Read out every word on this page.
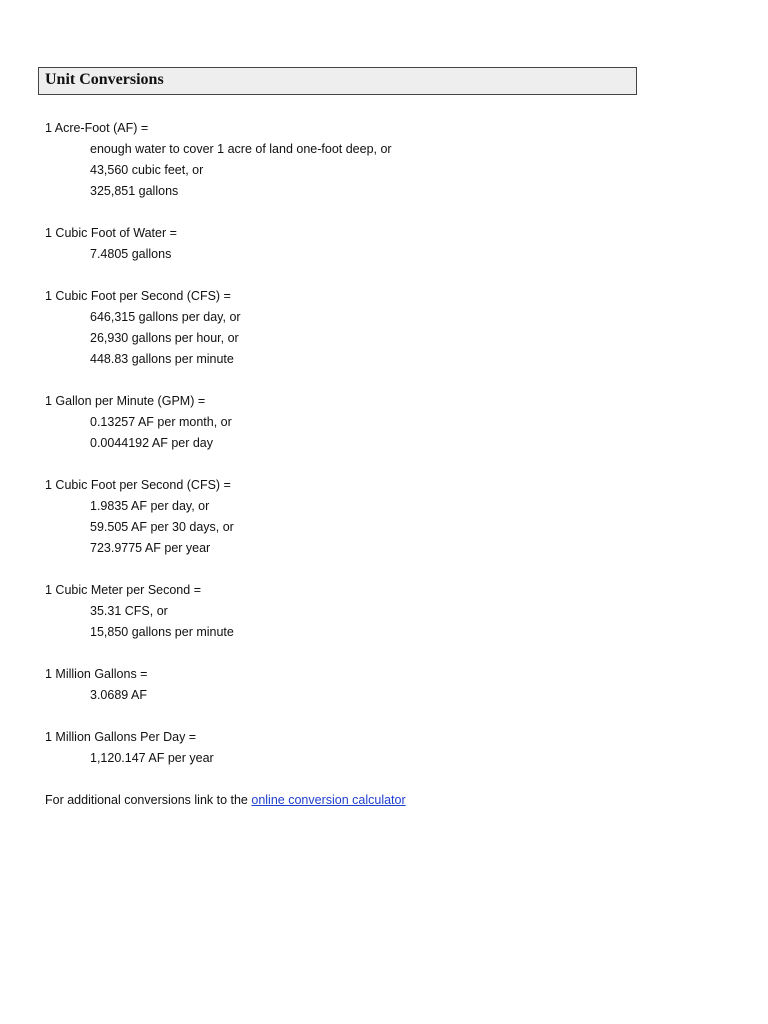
Unit Conversions
1 Acre-Foot (AF) =
enough water to cover 1 acre of land one-foot deep, or
43,560 cubic feet, or
325,851 gallons
1 Cubic Foot of Water =
7.4805 gallons
1 Cubic Foot per Second (CFS) =
646,315 gallons per day, or
26,930 gallons per hour, or
448.83 gallons per minute
1 Gallon per Minute (GPM) =
0.13257 AF per month, or
0.0044192 AF per day
1 Cubic Foot per Second (CFS) =
1.9835 AF per day, or
59.505 AF per 30 days, or
723.9775 AF per year
1 Cubic Meter per Second =
35.31 CFS, or
15,850 gallons per minute
1 Million Gallons =
3.0689 AF
1 Million Gallons Per Day =
1,120.147 AF per year
For additional conversions link to the online conversion calculator
